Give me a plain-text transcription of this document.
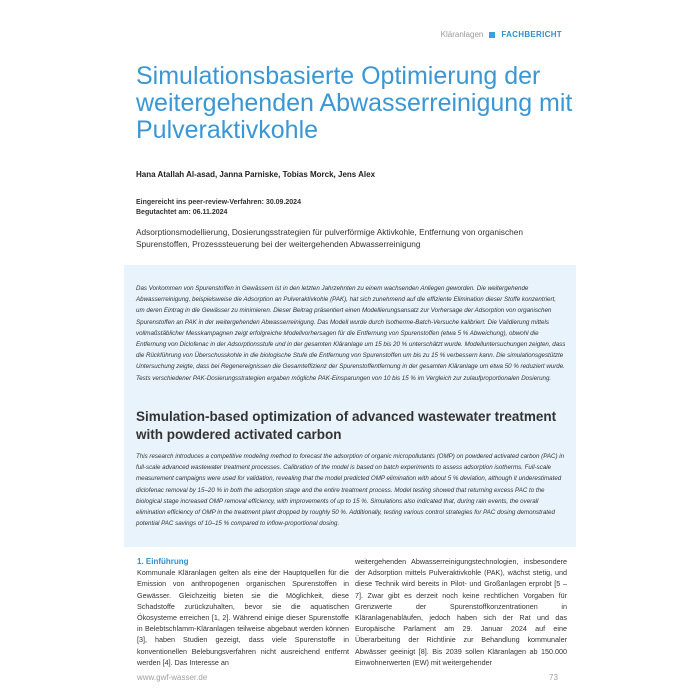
Kläranlagen FACHBERICHT
Simulationsbasierte Optimierung der weitergehenden Abwasserreinigung mit Pulveraktivkohle
Hana Atallah Al-asad, Janna Parniske, Tobias Morck, Jens Alex
Eingereicht ins peer-review-Verfahren: 30.09.2024
Begutachtet am: 06.11.2024

Adsorptionsmodellierung, Dosierungsstrategien für pulverförmige Aktivkohle, Entfernung von organischen Spurenstoffen, Prozesssteuerung bei der weitergehenden Abwasserreinigung

Das Vorkommen von Spurenstoffen in Gewässern ist in den letzten Jahrzehnten zu einem wachsenden Anliegen geworden. Die weitergehende Abwasserreinigung, beispielsweise die Adsorption an Pulveraktivkohle (PAK), hat sich zunehmend auf die effiziente Elimination dieser Stoffe konzentriert, um deren Eintrag in die Gewässer zu minimieren. Dieser Beitrag präsentiert einen Modellierungsansatz zur Vorhersage der Adsorption von organischen Spurenstoffen an PAK in der weitergehenden Abwasserreinigung. Das Modell wurde durch Isotherme-Batch-Versuche kalibriert. Die Validierung mittels vollmaßstäblicher Messkampagnen zeigt erfolgreiche Modellvorhersagen für die Entfernung von Spurenstoffen (etwa 5 % Abweichung), obwohl die Entfernung von Diclofenac in der Adsorptionsstufe und in der gesamten Kläranlage um 15 bis 20 % unterschätzt wurde. Modelluntersuchungen zeigten, dass die Rückführung von Überschusskohle in die biologische Stufe die Entfernung von Spurenstoffen um bis zu 15 % verbessern kann. Die simulationsgestützte Untersuchung zeigte, dass bei Regenereignissen die Gesamteffizienz der Spurenstoffentfernung in der gesamten Kläranlage um etwa 50 % reduziert wurde. Tests verschiedener PAK-Dosierungsstrategien ergaben mögliche PAK-Einsparungen von 10 bis 15 % im Vergleich zur zulaufproportionalen Dosierung.

Simulation-based optimization of advanced wastewater treatment with powdered activated carbon

This research introduces a competitive modeling method to forecast the adsorption of organic micropollutants (OMP) on powdered activated carbon (PAC) in full-scale advanced wastewater treatment processes. Calibration of the model is based on batch experiments to assess adsorption isotherms. Full-scale measurement campaigns were used for validation, revealing that the model predicted OMP elimination with about 5 % deviation, although it underestimated diclofenac removal by 15–20 % in both the adsorption stage and the entire treatment process. Model testing showed that returning excess PAC to the biological stage increased OMP removal efficiency, with improvements of up to 15 %. Simulations also indicated that, during rain events, the overall elimination efficiency of OMP in the treatment plant dropped by roughly 50 %. Additionally, testing various control strategies for PAC dosing demonstrated potential PAC savings of 10–15 % compared to inflow-proportional dosing.

1. Einführung

Kommunale Kläranlagen gelten als eine der Hauptquellen für die Emission von anthropogenen organischen Spurenstoffen in Gewässer. Gleichzeitig bieten sie die Möglichkeit, diese Schadstoffe zurückzuhalten, bevor sie die aquatischen Ökosysteme erreichen [1, 2]. Während einige dieser Spurenstoffe in Belebtschlamm-Kläranlagen teilweise abgebaut werden können [3], haben Studien gezeigt, dass viele Spurenstoffe in konventionellen Belebungsverfahren nicht ausreichend entfernt werden [4]. Das Interesse an

weitergehenden Abwasserreinigungstechnologien, insbesondere der Adsorption mittels Pulveraktivkohle (PAK), wächst stetig, und diese Technik wird bereits in Pilot- und Großanlagen erprobt [5 – 7]. Zwar gibt es derzeit noch keine rechtlichen Vorgaben für Grenzwerte der Spurenstoffkonzentrationen in Kläranlagenabläufen, jedoch haben sich der Rat und das Europäische Parlament am 29. Januar 2024 auf eine Überarbeitung der Richtlinie zur Behandlung kommunaler Abwässer geeinigt [8]. Bis 2039 sollen Kläranlagen ab 150.000 Einwohnerwerten (EW) mit weitergehender

www.gwf-wasser.de	73
